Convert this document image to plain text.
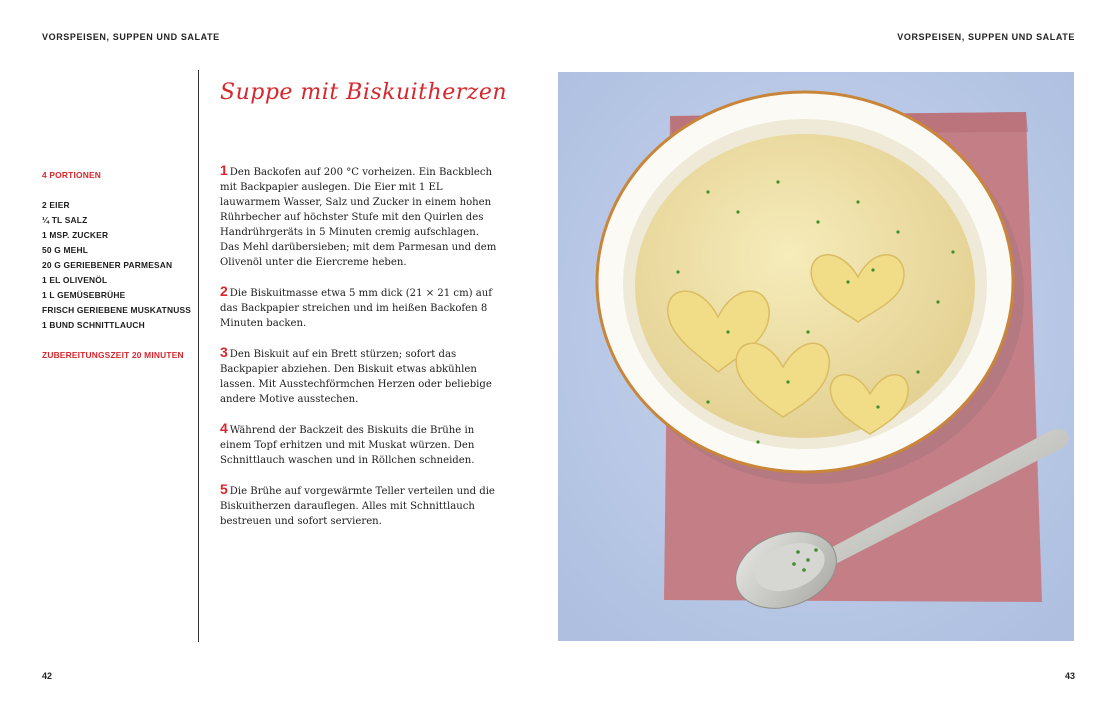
VORSPEISEN, SUPPEN UND SALATE	VORSPEISEN, SUPPEN UND SALATE
4 PORTIONEN
2 EIER
¼ TL SALZ
1 MSP. ZUCKER
50 G MEHL
20 G GERIEBENER PARMESAN
1 EL OLIVENÖL
1 L GEMÜSEBRÜHE
FRISCH GERIEBENE MUSKATNUSS
1 BUND SCHNITTLAUCH
ZUBEREITUNGSZEIT 20 MINUTEN
Suppe mit Biskuitherzen

1 Den Backofen auf 200 °C vorheizen. Ein Backblech mit Backpapier auslegen. Die Eier mit 1 EL lauwarmem Wasser, Salz und Zucker in einem hohen Rührbecher auf höchster Stufe mit den Quirlen des Handrührgeräts in 5 Minuten cremig aufschlagen. Das Mehl darübersieben; mit dem Parmesan und dem Olivenöl unter die Eiercreme heben.

2 Die Biskuitmasse etwa 5 mm dick (21 × 21 cm) auf das Backpapier streichen und im heißen Backofen 8 Minuten backen.

3 Den Biskuit auf ein Brett stürzen; sofort das Backpapier abziehen. Den Biskuit etwas abkühlen lassen. Mit Ausstechförmchen Herzen oder beliebige andere Motive ausstechen.

4 Während der Backzeit des Biskuits die Brühe in einem Topf erhitzen und mit Muskat würzen. Den Schnittlauch waschen und in Röllchen schneiden.

5 Die Brühe auf vorgewärmte Teller verteilen und die Biskuitherzen darauflegen. Alles mit Schnittlauch bestreuen und sofort servieren.

42	43
